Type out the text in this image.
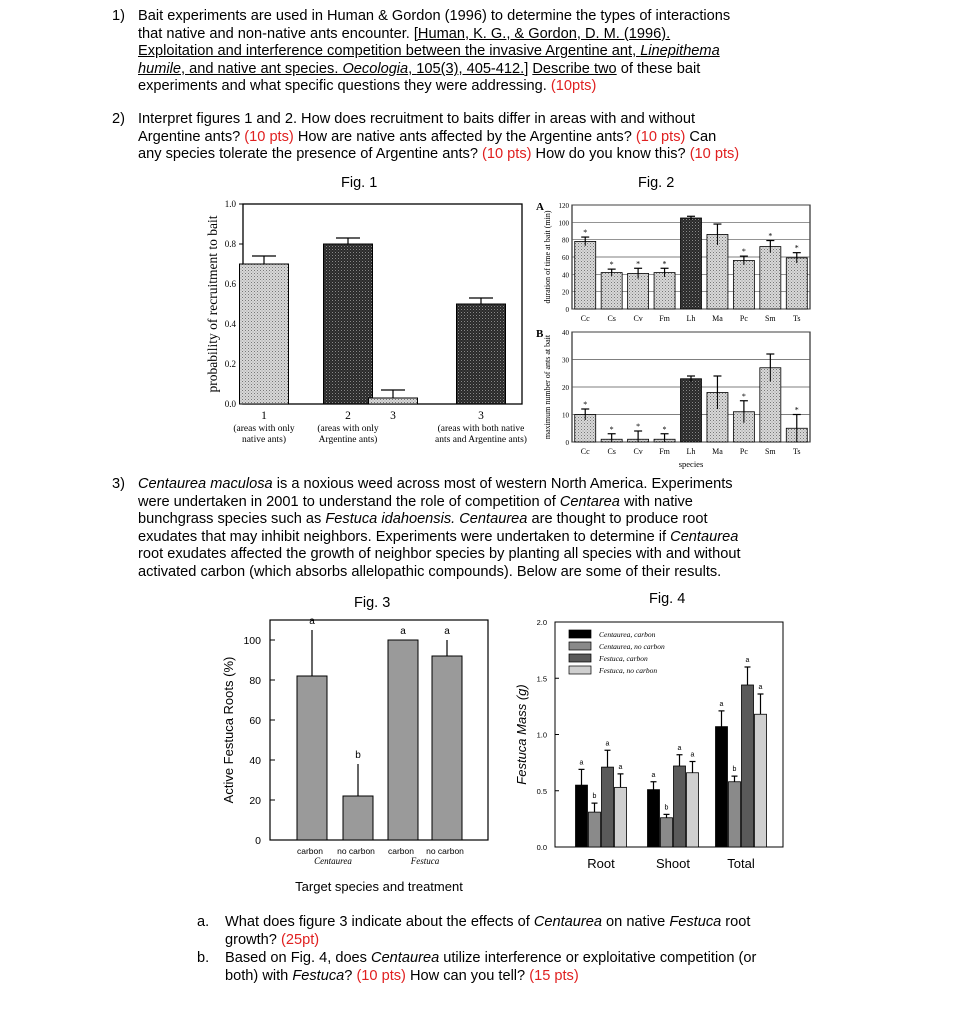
1) Bait experiments are used in Human & Gordon (1996) to determine the types of interactions
that native and non-native ants encounter. [Human, K. G., & Gordon, D. M. (1996).
Exploitation and interference competition between the invasive Argentine ant, Linepithema
humile, and native ant species. Oecologia, 105(3), 405-412.] Describe two of these bait
experiments and what specific questions they were addressing. (10pts)
2) Interpret figures 1 and 2. How does recruitment to baits differ in areas with and without
Argentine ants? (10 pts) How are native ants affected by the Argentine ants? (10 pts) Can
any species tolerate the presence of Argentine ants? (10 pts) How do you know this? (10 pts)
Fig. 1	Fig. 2
0.0
0.2
0.4
0.6
0.8
1.0
probability of recruitment to bait
1
(areas with only
native ants)
2
(areas with only
Argentine ants)
3	3
(areas with both native
ants and Argentine ants)
0
20
40
60
80
100
120
duration of time at bait (min)
A
*
Cc
*
Cs
*
Cv
*
Fm Lh Ma
*
Pc
*
Sm
*
Ts
0
10
20
30
40
maximum number of ants at bait
B
*
Cc
*
Cs
*
Cv
*
Fm Lh Ma
*
Pc Sm
*
Ts
species
3) Centaurea maculosa is a noxious weed across most of western North America. Experiments
were undertaken in 2001 to understand the role of competition of Centarea with native
bunchgrass species such as Festuca idahoensis. Centaurea are thought to produce root
exudates that may inhibit neighbors. Experiments were undertaken to determine if Centaurea
root exudates affected the growth of neighbor species by planting all species with and without
activated carbon (which absorbs allelopathic compounds). Below are some of their results.
Fig. 3	Fig. 4
0
20
40
60
80
100
Active Festuca Roots (%)
a
carbon
b
no carbon
a
carbon
a
no carbon
Centaurea	Festuca
Target species and treatment
0.0
0.5
1.0
1.5
2.0
Festuca Mass (g)	a
b
a
a
Root
a
b
a
a
Shoot
a
b
a
a
Total
Centaurea, carbon
Centaurea, no carbon
Festuca, carbon
Festuca, no carbon
a. What does figure 3 indicate about the effects of Centaurea on native Festuca root
growth? (25pt)
b. Based on Fig. 4, does Centaurea utilize interference or exploitative competition (or
both) with Festuca? (10 pts) How can you tell? (15 pts)
